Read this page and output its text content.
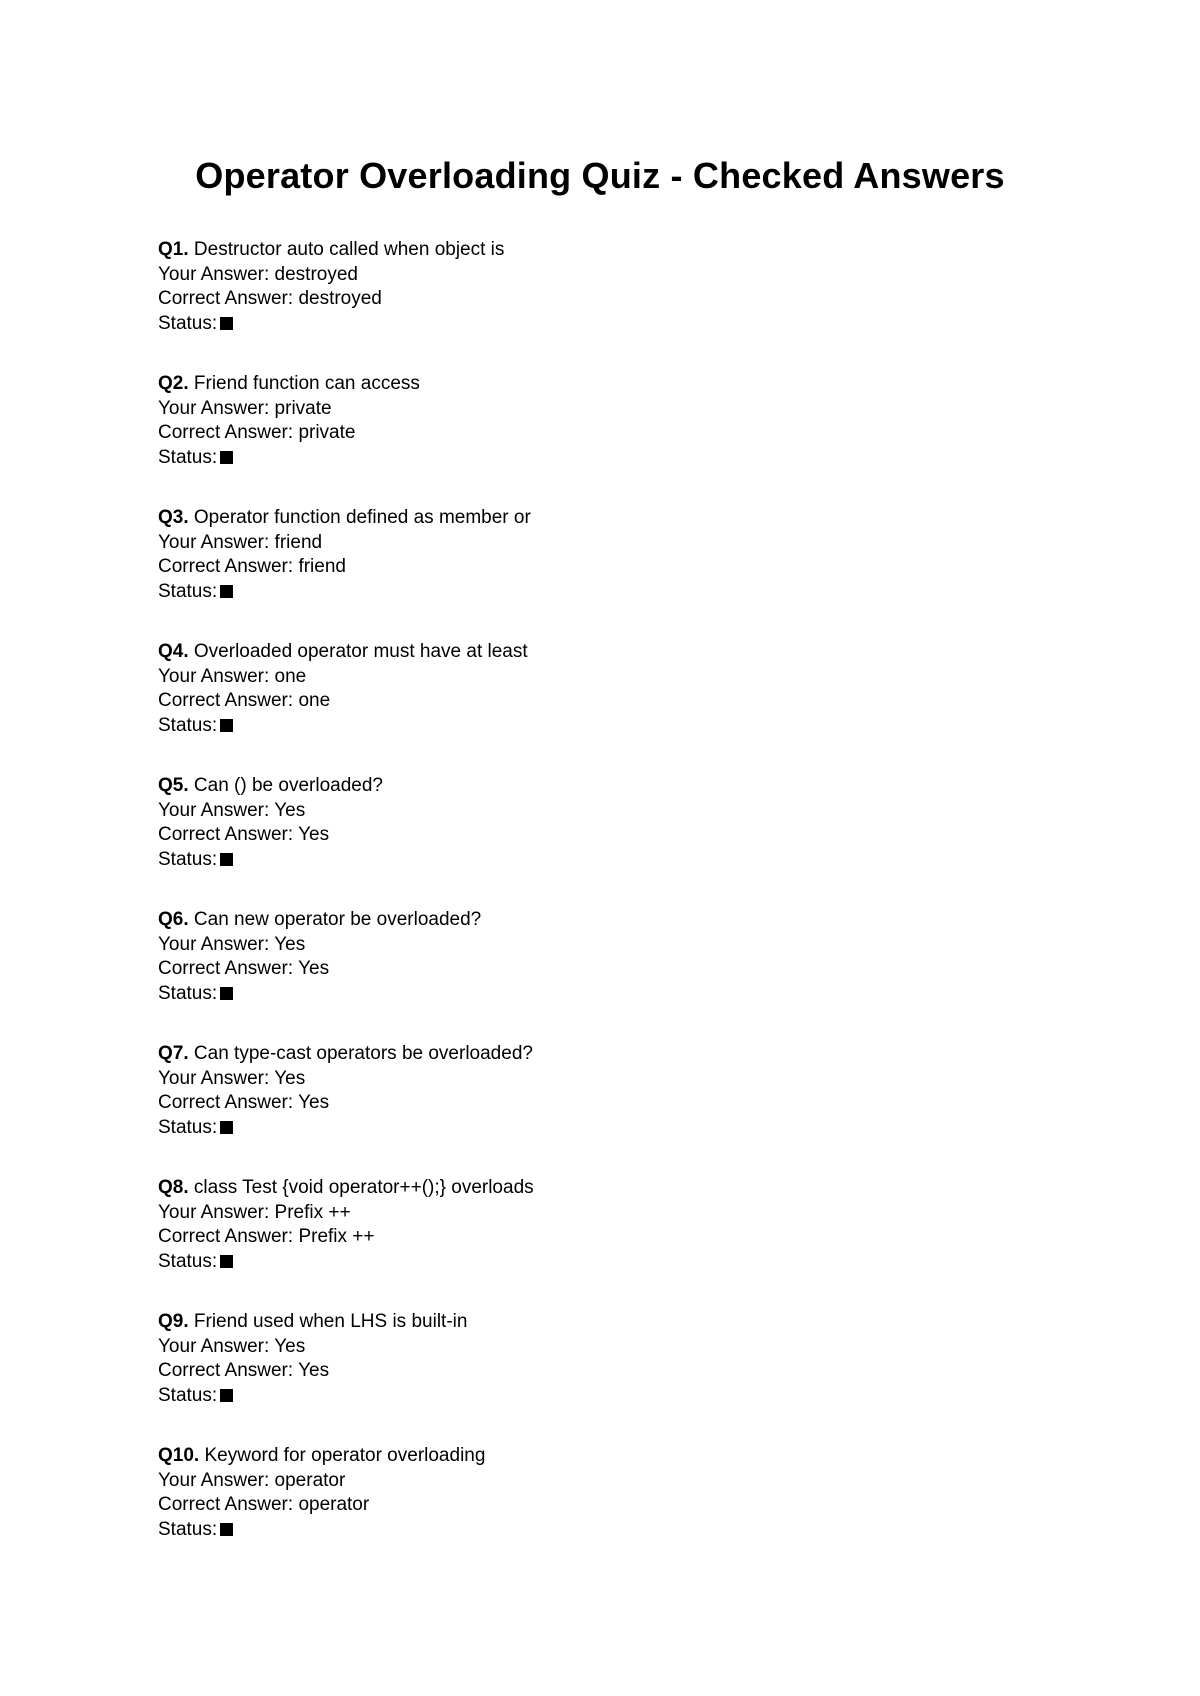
Operator Overloading Quiz - Checked Answers
Q1. Destructor auto called when object is
Your Answer: destroyed
Correct Answer: destroyed
Status:
Q2. Friend function can access
Your Answer: private
Correct Answer: private
Status:
Q3. Operator function defined as member or
Your Answer: friend
Correct Answer: friend
Status:
Q4. Overloaded operator must have at least
Your Answer: one
Correct Answer: one
Status:
Q5. Can () be overloaded?
Your Answer: Yes
Correct Answer: Yes
Status:
Q6. Can new operator be overloaded?
Your Answer: Yes
Correct Answer: Yes
Status:
Q7. Can type-cast operators be overloaded?
Your Answer: Yes
Correct Answer: Yes
Status:
Q8. class Test {void operator++();} overloads
Your Answer: Prefix ++
Correct Answer: Prefix ++
Status:
Q9. Friend used when LHS is built-in
Your Answer: Yes
Correct Answer: Yes
Status:
Q10. Keyword for operator overloading
Your Answer: operator
Correct Answer: operator
Status:
